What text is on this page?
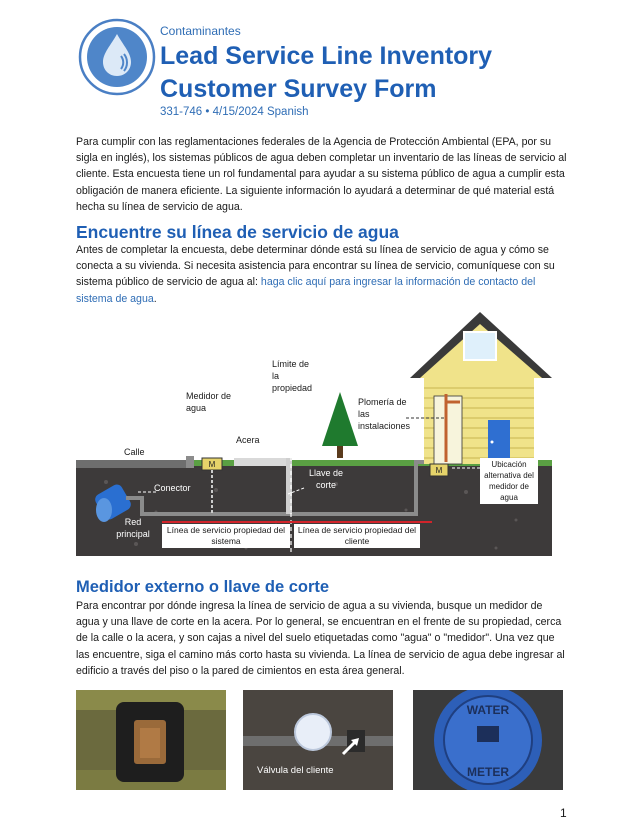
Contaminantes
Lead Service Line Inventory
Customer Survey Form
331-746 • 4/15/2024 Spanish
Para cumplir con las reglamentaciones federales de la Agencia de Protección Ambiental (EPA, por su sigla en inglés), los sistemas públicos de agua deben completar un inventario de las líneas de servicio al cliente. Esta encuesta tiene un rol fundamental para ayudar a su sistema público de agua a cumplir esta obligación de manera eficiente. La siguiente información lo ayudará a determinar de qué material está hecha su línea de servicio de agua.
Encuentre su línea de servicio de agua
Antes de completar la encuesta, debe determinar dónde está su línea de servicio de agua y cómo se conecta a su vivienda. Si necesita asistencia para encontrar su línea de servicio, comuníquese con su sistema público de servicio de agua al: haga clic aquí para ingresar la información de contacto del sistema de agua.
M
M
Límite de la propiedad
Medidor de agua
Acera
Calle
Plomería de las instalaciones
Conector
Llave de corte
Red principal
Ubicación alternativa del medidor de agua
Línea de servicio propiedad del sistema
Línea de servicio propiedad del cliente
Medidor externo o llave de corte
Para encontrar por dónde ingresa la línea de servicio de agua a su vivienda, busque un medidor de agua y una llave de corte en la acera. Por lo general, se encuentran en el frente de su propiedad, cerca de la calle o la acera, y son cajas a nivel del suelo etiquetadas como "agua" o "medidor". Una vez que las encuentre, siga el camino más corto hasta su vivienda. La línea de servicio de agua debe ingresar al edificio a través del piso o la pared de cimientos en esta área general.
Válvula del cliente
WATER
METER
1
